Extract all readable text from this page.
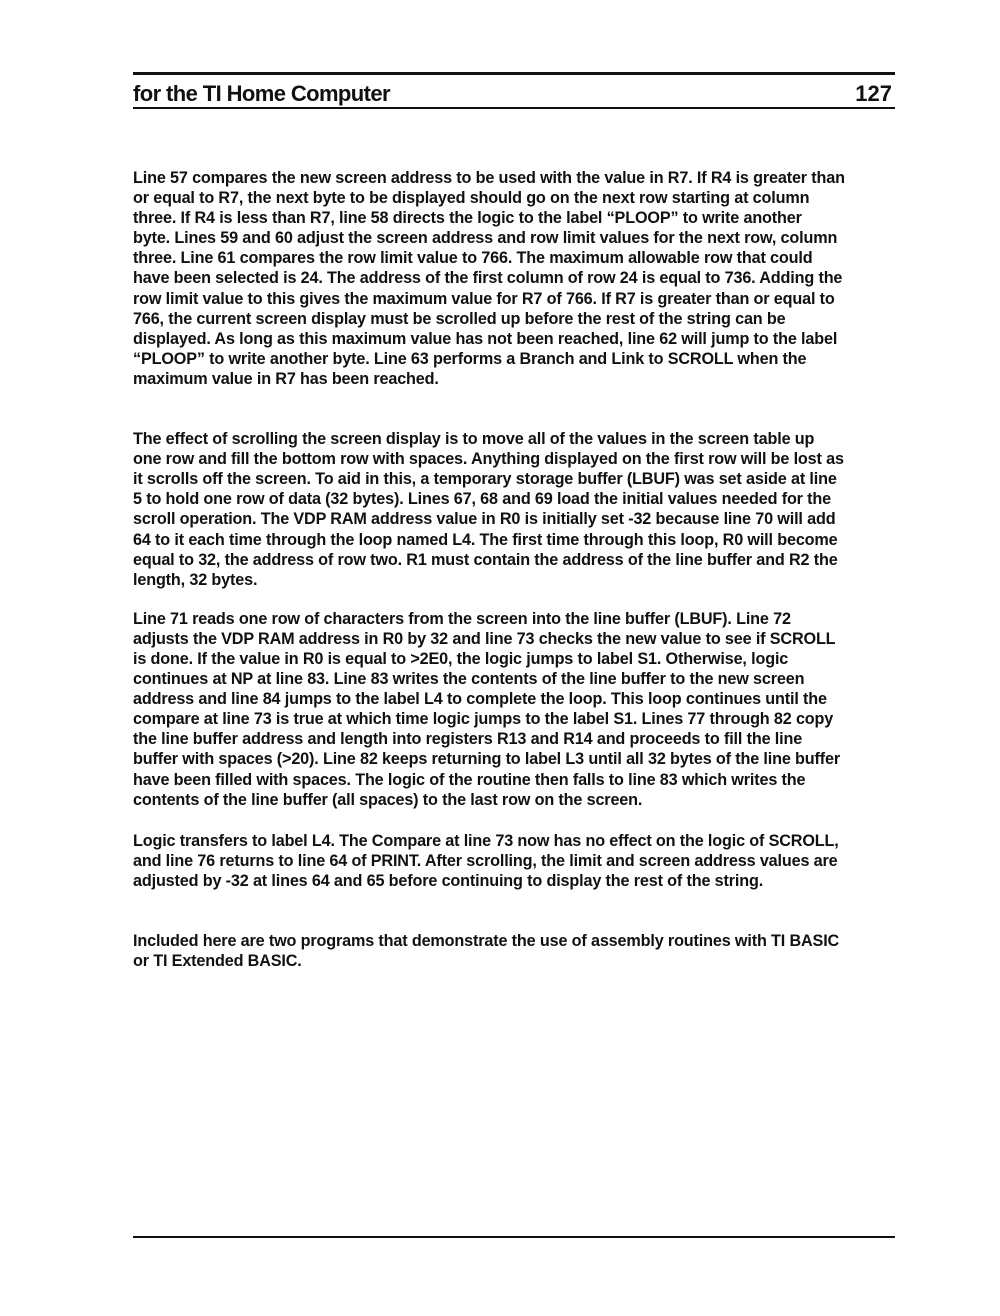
for the TI Home Computer	127

Line 57 compares the new screen address to be used with the value in R7. If R4 is greater than
or equal to R7, the next byte to be displayed should go on the next row starting at column
three. If R4 is less than R7, line 58 directs the logic to the label “PLOOP” to write another
byte. Lines 59 and 60 adjust the screen address and row limit values for the next row, column
three. Line 61 compares the row limit value to 766. The maximum allowable row that could
have been selected is 24. The address of the first column of row 24 is equal to 736. Adding the
row limit value to this gives the maximum value for R7 of 766. If R7 is greater than or equal to
766, the current screen display must be scrolled up before the rest of the string can be
displayed. As long as this maximum value has not been reached, line 62 will jump to the label
“PLOOP” to write another byte. Line 63 performs a Branch and Link to SCROLL when the
maximum value in R7 has been reached.

The effect of scrolling the screen display is to move all of the values in the screen table up
one row and fill the bottom row with spaces. Anything displayed on the first row will be lost as
it scrolls off the screen. To aid in this, a temporary storage buffer (LBUF) was set aside at line
5 to hold one row of data (32 bytes). Lines 67, 68 and 69 load the initial values needed for the
scroll operation. The VDP RAM address value in R0 is initially set -32 because line 70 will add
64 to it each time through the loop named L4. The first time through this loop, R0 will become
equal to 32, the address of row two. R1 must contain the address of the line buffer and R2 the
length, 32 bytes.

Line 71 reads one row of characters from the screen into the line buffer (LBUF). Line 72
adjusts the VDP RAM address in R0 by 32 and line 73 checks the new value to see if SCROLL
is done. If the value in R0 is equal to >2E0, the logic jumps to label S1. Otherwise, logic
continues at NP at line 83. Line 83 writes the contents of the line buffer to the new screen
address and line 84 jumps to the label L4 to complete the loop. This loop continues until the
compare at line 73 is true at which time logic jumps to the label S1. Lines 77 through 82 copy
the line buffer address and length into registers R13 and R14 and proceeds to fill the line
buffer with spaces (>20). Line 82 keeps returning to label L3 until all 32 bytes of the line buffer
have been filled with spaces. The logic of the routine then falls to line 83 which writes the
contents of the line buffer (all spaces) to the last row on the screen.

Logic transfers to label L4. The Compare at line 73 now has no effect on the logic of SCROLL,
and line 76 returns to line 64 of PRINT. After scrolling, the limit and screen address values are
adjusted by -32 at lines 64 and 65 before continuing to display the rest of the string.

Included here are two programs that demonstrate the use of assembly routines with TI BASIC
or TI Extended BASIC.
